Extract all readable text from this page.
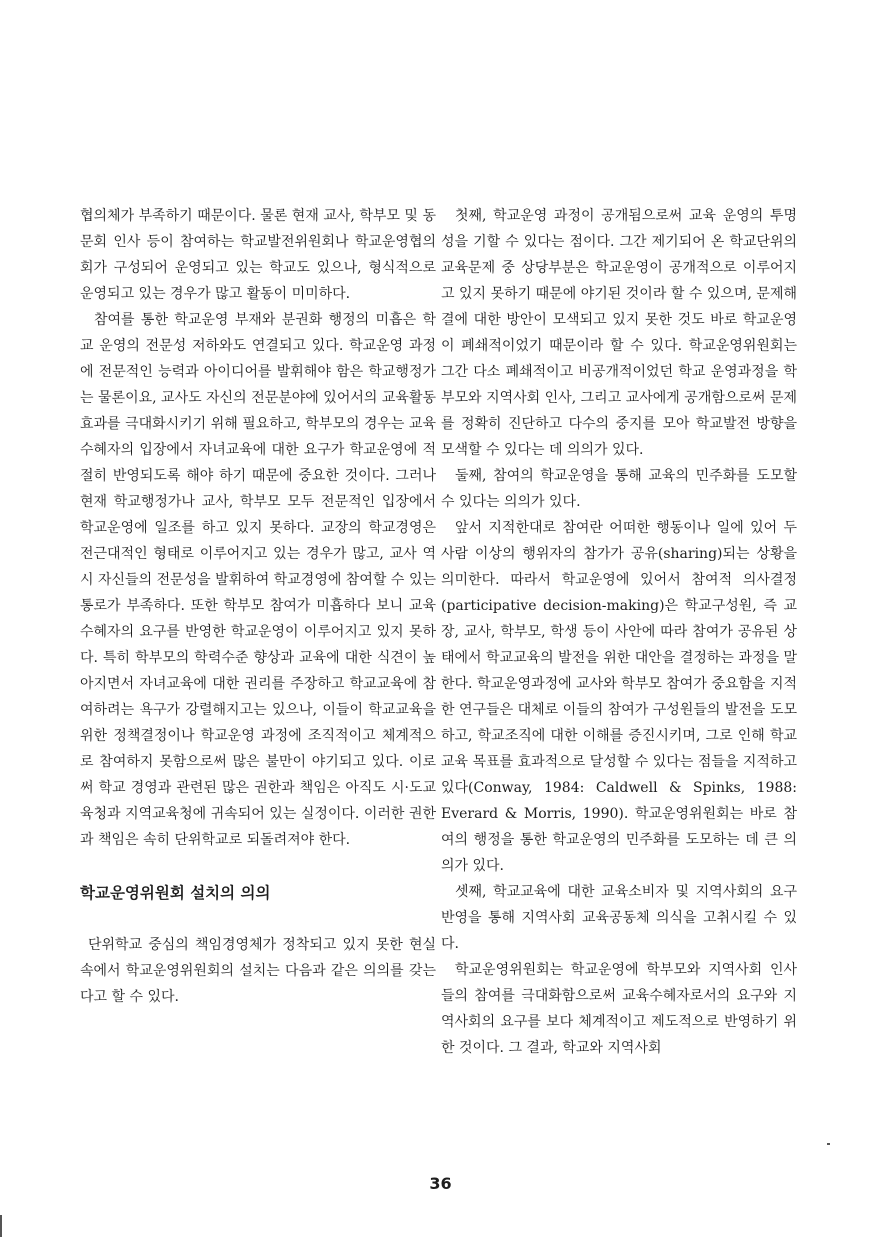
협의체가 부족하기 때문이다. 물론 현재 교사, 학부모 및 동문회 인사 등이 참여하는 학교발전위원회나 학교운영협의회가 구성되어 운영되고 있는 학교도 있으나, 형식적으로 운영되고 있는 경우가 많고 활동이 미미하다.

참여를 통한 학교운영 부재와 분권화 행정의 미흡은 학교 운영의 전문성 저하와도 연결되고 있다. 학교운영 과정에 전문적인 능력과 아이디어를 발휘해야 함은 학교행정가는 물론이요, 교사도 자신의 전문분야에 있어서의 교육활동 효과를 극대화시키기 위해 필요하고, 학부모의 경우는 교육 수혜자의 입장에서 자녀교육에 대한 요구가 학교운영에 적절히 반영되도록 해야 하기 때문에 중요한 것이다. 그러나 현재 학교행정가나 교사, 학부모 모두 전문적인 입장에서 학교운영에 일조를 하고 있지 못하다. 교장의 학교경영은 전근대적인 형태로 이루어지고 있는 경우가 많고, 교사 역시 자신들의 전문성을 발휘하여 학교경영에 참여할 수 있는 통로가 부족하다. 또한 학부모 참여가 미흡하다 보니 교육 수혜자의 요구를 반영한 학교운영이 이루어지고 있지 못하다. 특히 학부모의 학력수준 향상과 교육에 대한 식견이 높아지면서 자녀교육에 대한 권리를 주장하고 학교교육에 참여하려는 욕구가 강렬해지고는 있으나, 이들이 학교교육을 위한 정책결정이나 학교운영 과정에 조직적이고 체계적으로 참여하지 못함으로써 많은 불만이 야기되고 있다. 이로써 학교 경영과 관련된 많은 권한과 책임은 아직도 시·도교육청과 지역교육청에 귀속되어 있는 실정이다. 이러한 권한과 책임은 속히 단위학교로 되돌려져야 한다.

학교운영위원회 설치의 의의

단위학교 중심의 책임경영체가 정착되고 있지 못한 현실 속에서 학교운영위원회의 설치는 다음과 같은 의의를 갖는다고 할 수 있다.

첫째, 학교운영 과정이 공개됨으로써 교육 운영의 투명성을 기할 수 있다는 점이다. 그간 제기되어 온 학교단위의 교육문제 중 상당부분은 학교운영이 공개적으로 이루어지고 있지 못하기 때문에 야기된 것이라 할 수 있으며, 문제해결에 대한 방안이 모색되고 있지 못한 것도 바로 학교운영이 폐쇄적이었기 때문이라 할 수 있다. 학교운영위원회는 그간 다소 폐쇄적이고 비공개적이었던 학교 운영과정을 학부모와 지역사회 인사, 그리고 교사에게 공개함으로써 문제를 정확히 진단하고 다수의 중지를 모아 학교발전 방향을 모색할 수 있다는 데 의의가 있다.

둘째, 참여의 학교운영을 통해 교육의 민주화를 도모할 수 있다는 의의가 있다.

앞서 지적한대로 참여란 어떠한 행동이나 일에 있어 두 사람 이상의 행위자의 참가가 공유(sharing)되는 상황을 의미한다. 따라서 학교운영에 있어서 참여적 의사결정(participative decision-making)은 학교구성원, 즉 교장, 교사, 학부모, 학생 등이 사안에 따라 참여가 공유된 상태에서 학교교육의 발전을 위한 대안을 결정하는 과정을 말한다. 학교운영과정에 교사와 학부모 참여가 중요함을 지적한 연구들은 대체로 이들의 참여가 구성원들의 발전을 도모하고, 학교조직에 대한 이해를 증진시키며, 그로 인해 학교교육 목표를 효과적으로 달성할 수 있다는 점들을 지적하고 있다(Conway, 1984: Caldwell & Spinks, 1988: Everard & Morris, 1990). 학교운영위원회는 바로 참여의 행정을 통한 학교운영의 민주화를 도모하는 데 큰 의의가 있다.

셋째, 학교교육에 대한 교육소비자 및 지역사회의 요구 반영을 통해 지역사회 교육공동체 의식을 고취시킬 수 있다.

학교운영위원회는 학교운영에 학부모와 지역사회 인사들의 참여를 극대화함으로써 교육수혜자로서의 요구와 지역사회의 요구를 보다 체계적이고 제도적으로 반영하기 위한 것이다. 그 결과, 학교와 지역사회

36
